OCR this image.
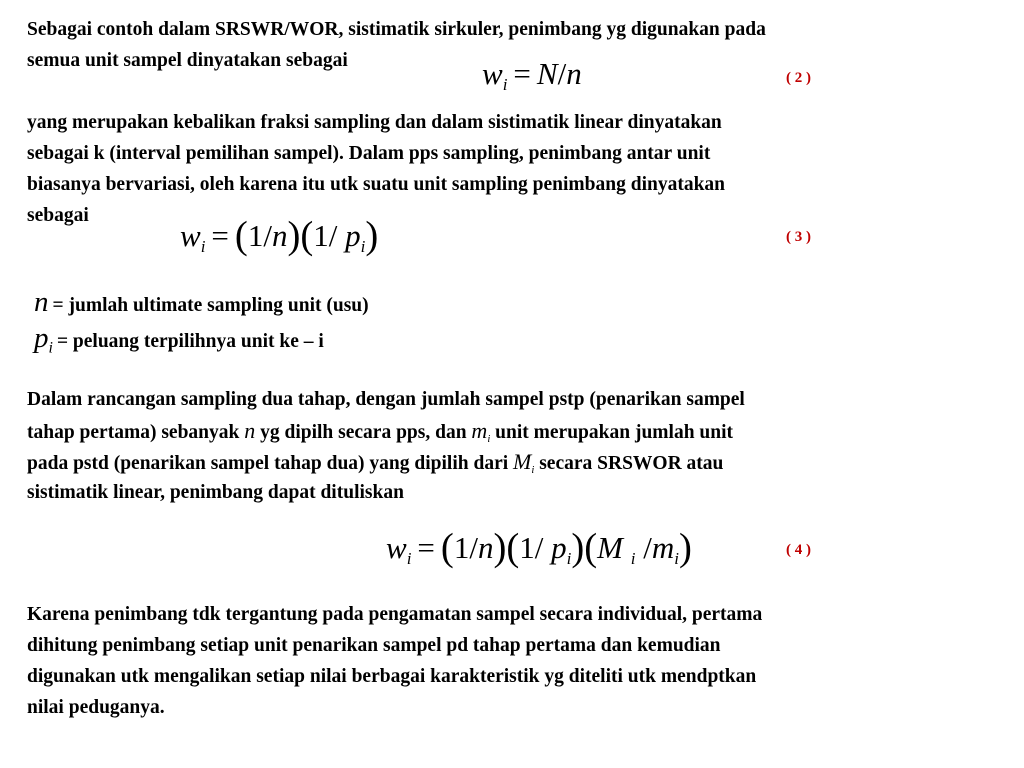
Sebagai contoh dalam SRSWR/WOR, sistimatik sirkuler, penimbang yg digunakan pada
semua unit sampel dinyatakan sebagai	$w_i = N/n$	( 2 )
yang merupakan kebalikan fraksi sampling dan dalam sistimatik linear dinyatakan
sebagai k (interval pemilihan sampel). Dalam pps sampling, penimbang antar unit
biasanya bervariasi, oleh karena itu utk suatu unit sampling penimbang dinyatakan
sebagai
$w_i = (1/n)(1/$ $p_i$)	( 3 )
n = jumlah ultimate sampling unit (usu)
$p_i$ = peluang terpilihnya unit ke – i
Dalam rancangan sampling dua tahap, dengan jumlah sampel pstp (penarikan sampel
tahap pertama) sebanyak n yg dipilh secara pps, dan $m_i$ unit merupakan jumlah unit
pada pstd (penarikan sampel tahap dua) yang dipilih dari $M_i$ secara SRSWOR atau
sistimatik linear, penimbang dapat dituliskan
$w_i = (1/n)(1/$ $p_i)(M$ $_i$ $/m_i$)	( 4 )
Karena penimbang tdk tergantung pada pengamatan sampel secara individual, pertama
dihitung penimbang setiap unit penarikan sampel pd tahap pertama dan kemudian
digunakan utk mengalikan setiap nilai berbagai karakteristik yg diteliti utk mendptkan
nilai peduganya.
